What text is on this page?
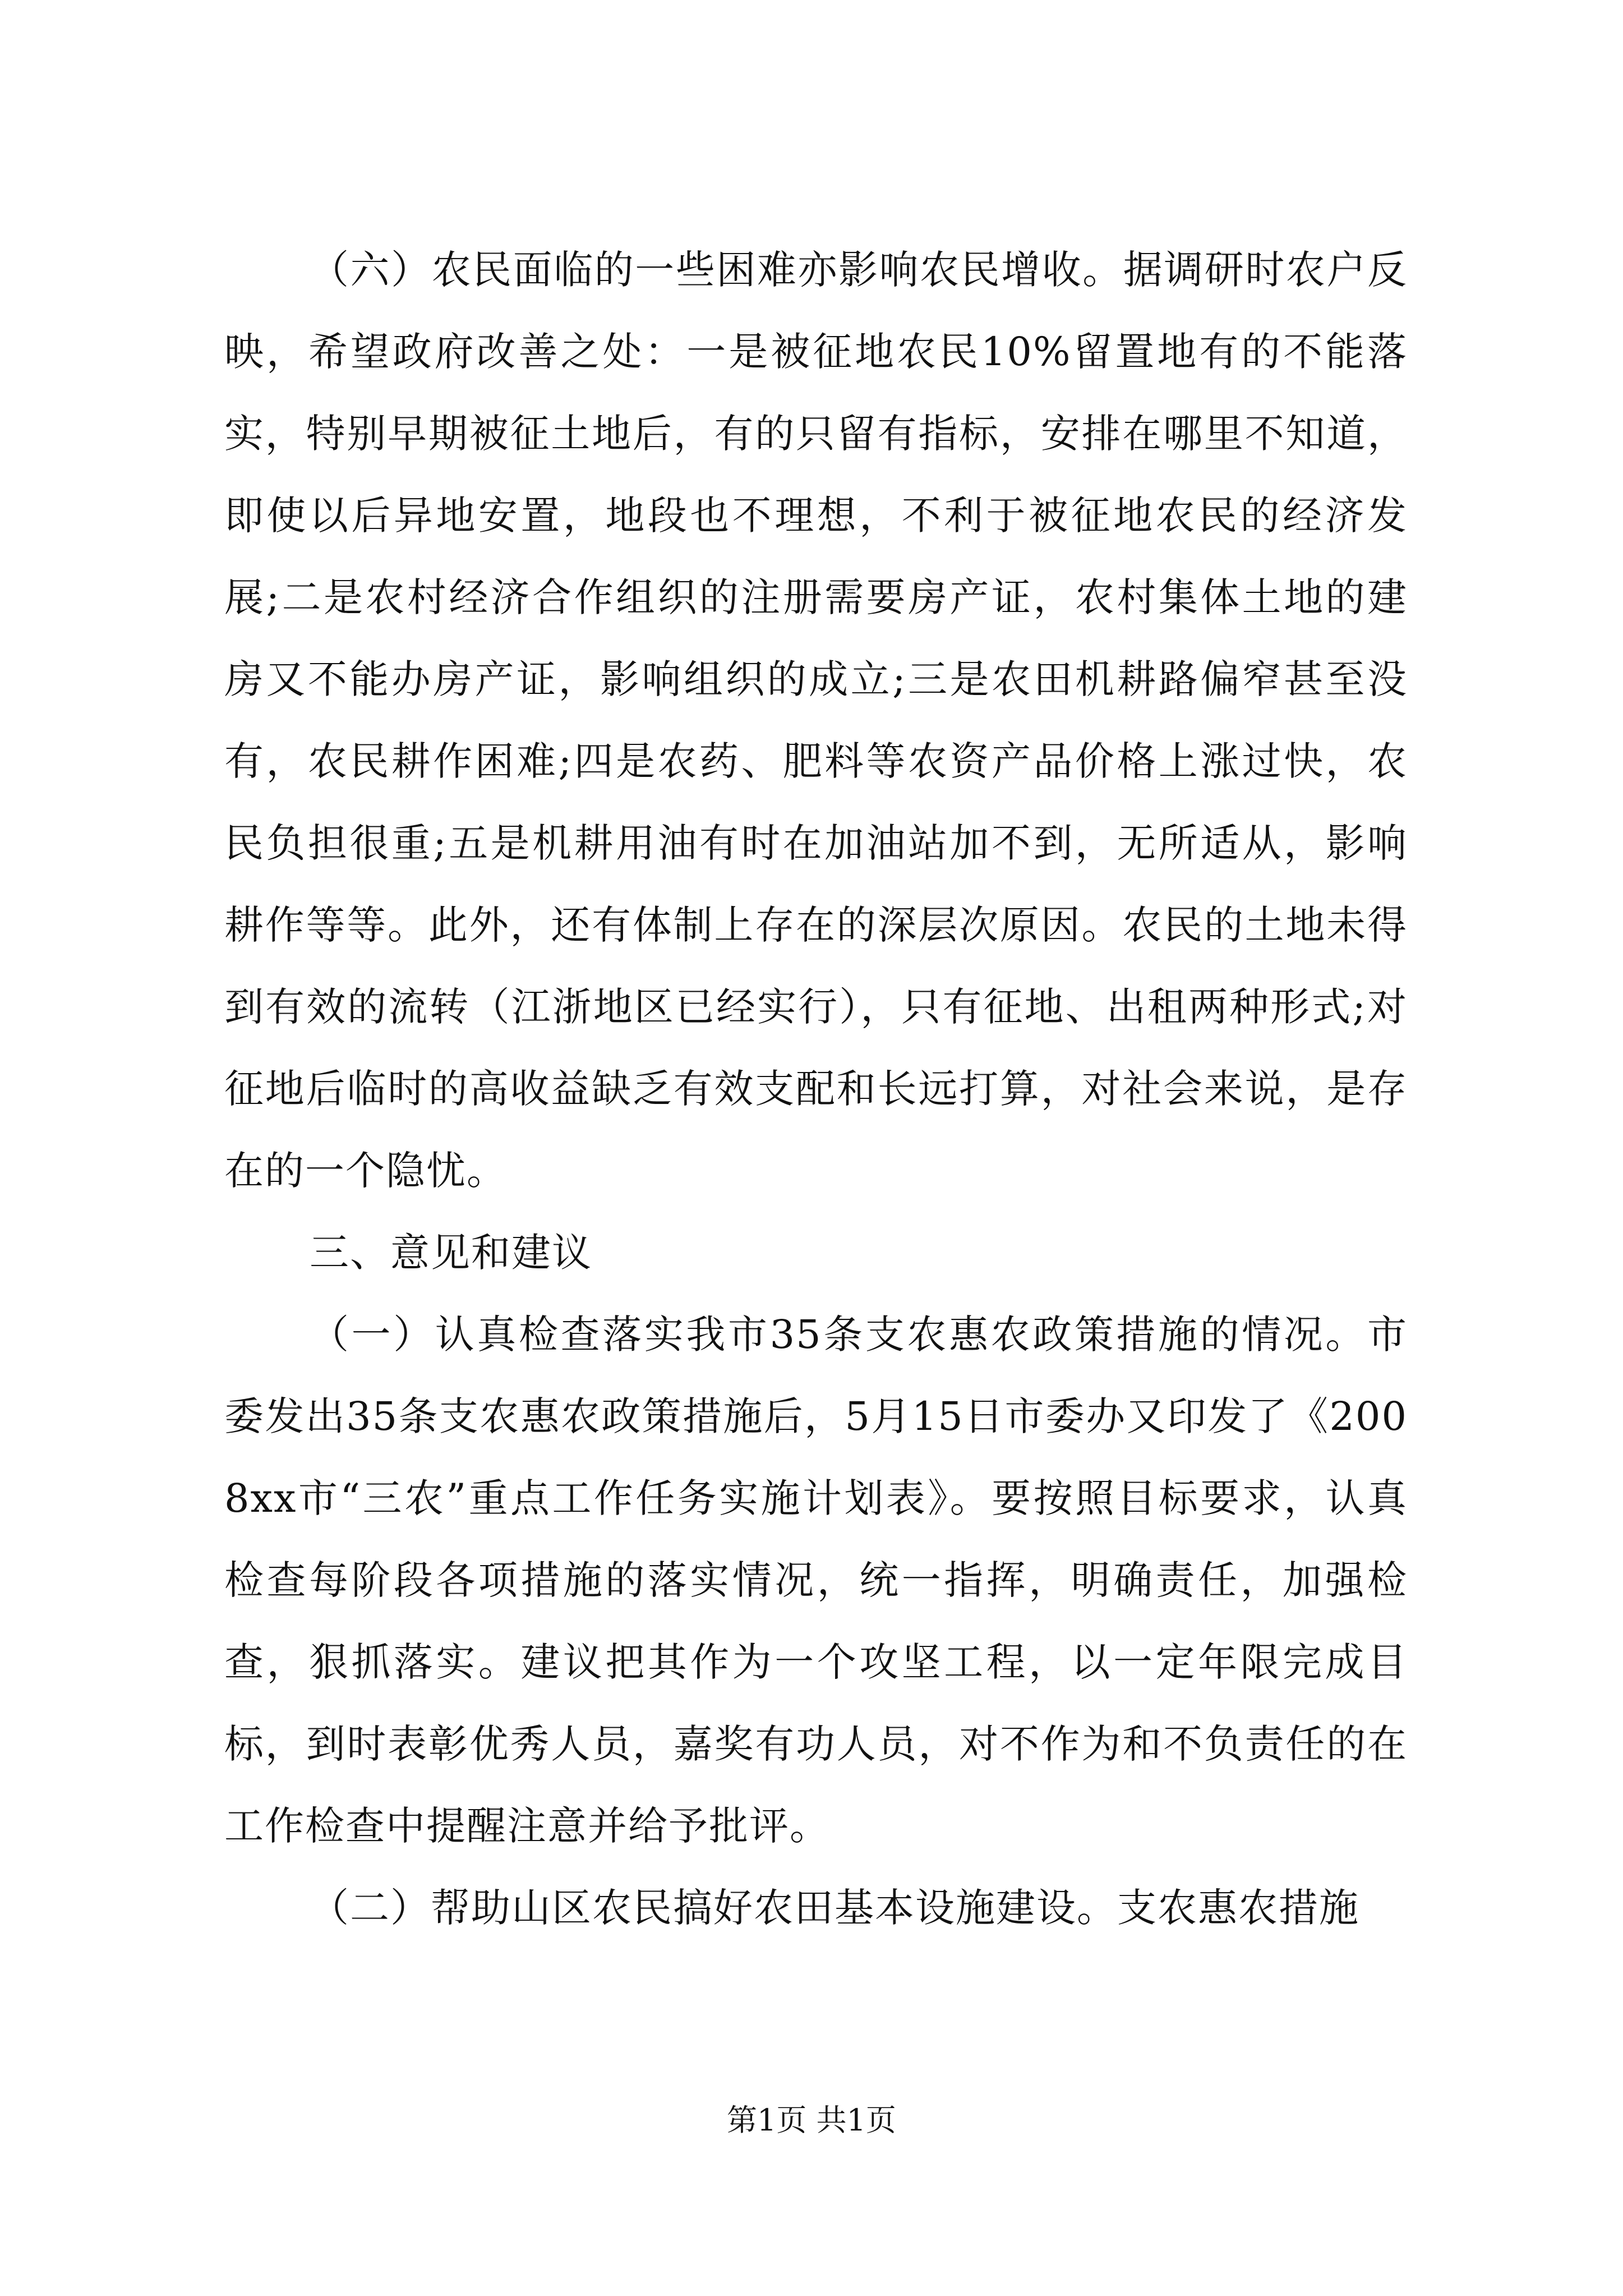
（六）农民面临的一些困难亦影响农民增收。据调研时农户反映，希望政府改善之处：一是被征地农民10%留置地有的不能落实，特别早期被征土地后，有的只留有指标，安排在哪里不知道，即使以后异地安置，地段也不理想，不利于被征地农民的经济发展;二是农村经济合作组织的注册需要房产证，农村集体土地的建房又不能办房产证，影响组织的成立;三是农田机耕路偏窄甚至没有，农民耕作困难;四是农药、肥料等农资产品价格上涨过快，农民负担很重;五是机耕用油有时在加油站加不到，无所适从，影响耕作等等。此外，还有体制上存在的深层次原因。农民的土地未得到有效的流转（江浙地区已经实行），只有征地、出租两种形式;对征地后临时的高收益缺乏有效支配和长远打算，对社会来说，是存在的一个隐忧。

三、意见和建议

（一）认真检查落实我市35条支农惠农政策措施的情况。市委发出35条支农惠农政策措施后，5月15日市委办又印发了《2008xx市“三农”重点工作任务实施计划表》。要按照目标要求，认真检查每阶段各项措施的落实情况，统一指挥，明确责任，加强检查，狠抓落实。建议把其作为一个攻坚工程，以一定年限完成目标，到时表彰优秀人员，嘉奖有功人员，对不作为和不负责任的在工作检查中提醒注意并给予批评。

（二）帮助山区农民搞好农田基本设施建设。支农惠农措施

第1页 共1页
